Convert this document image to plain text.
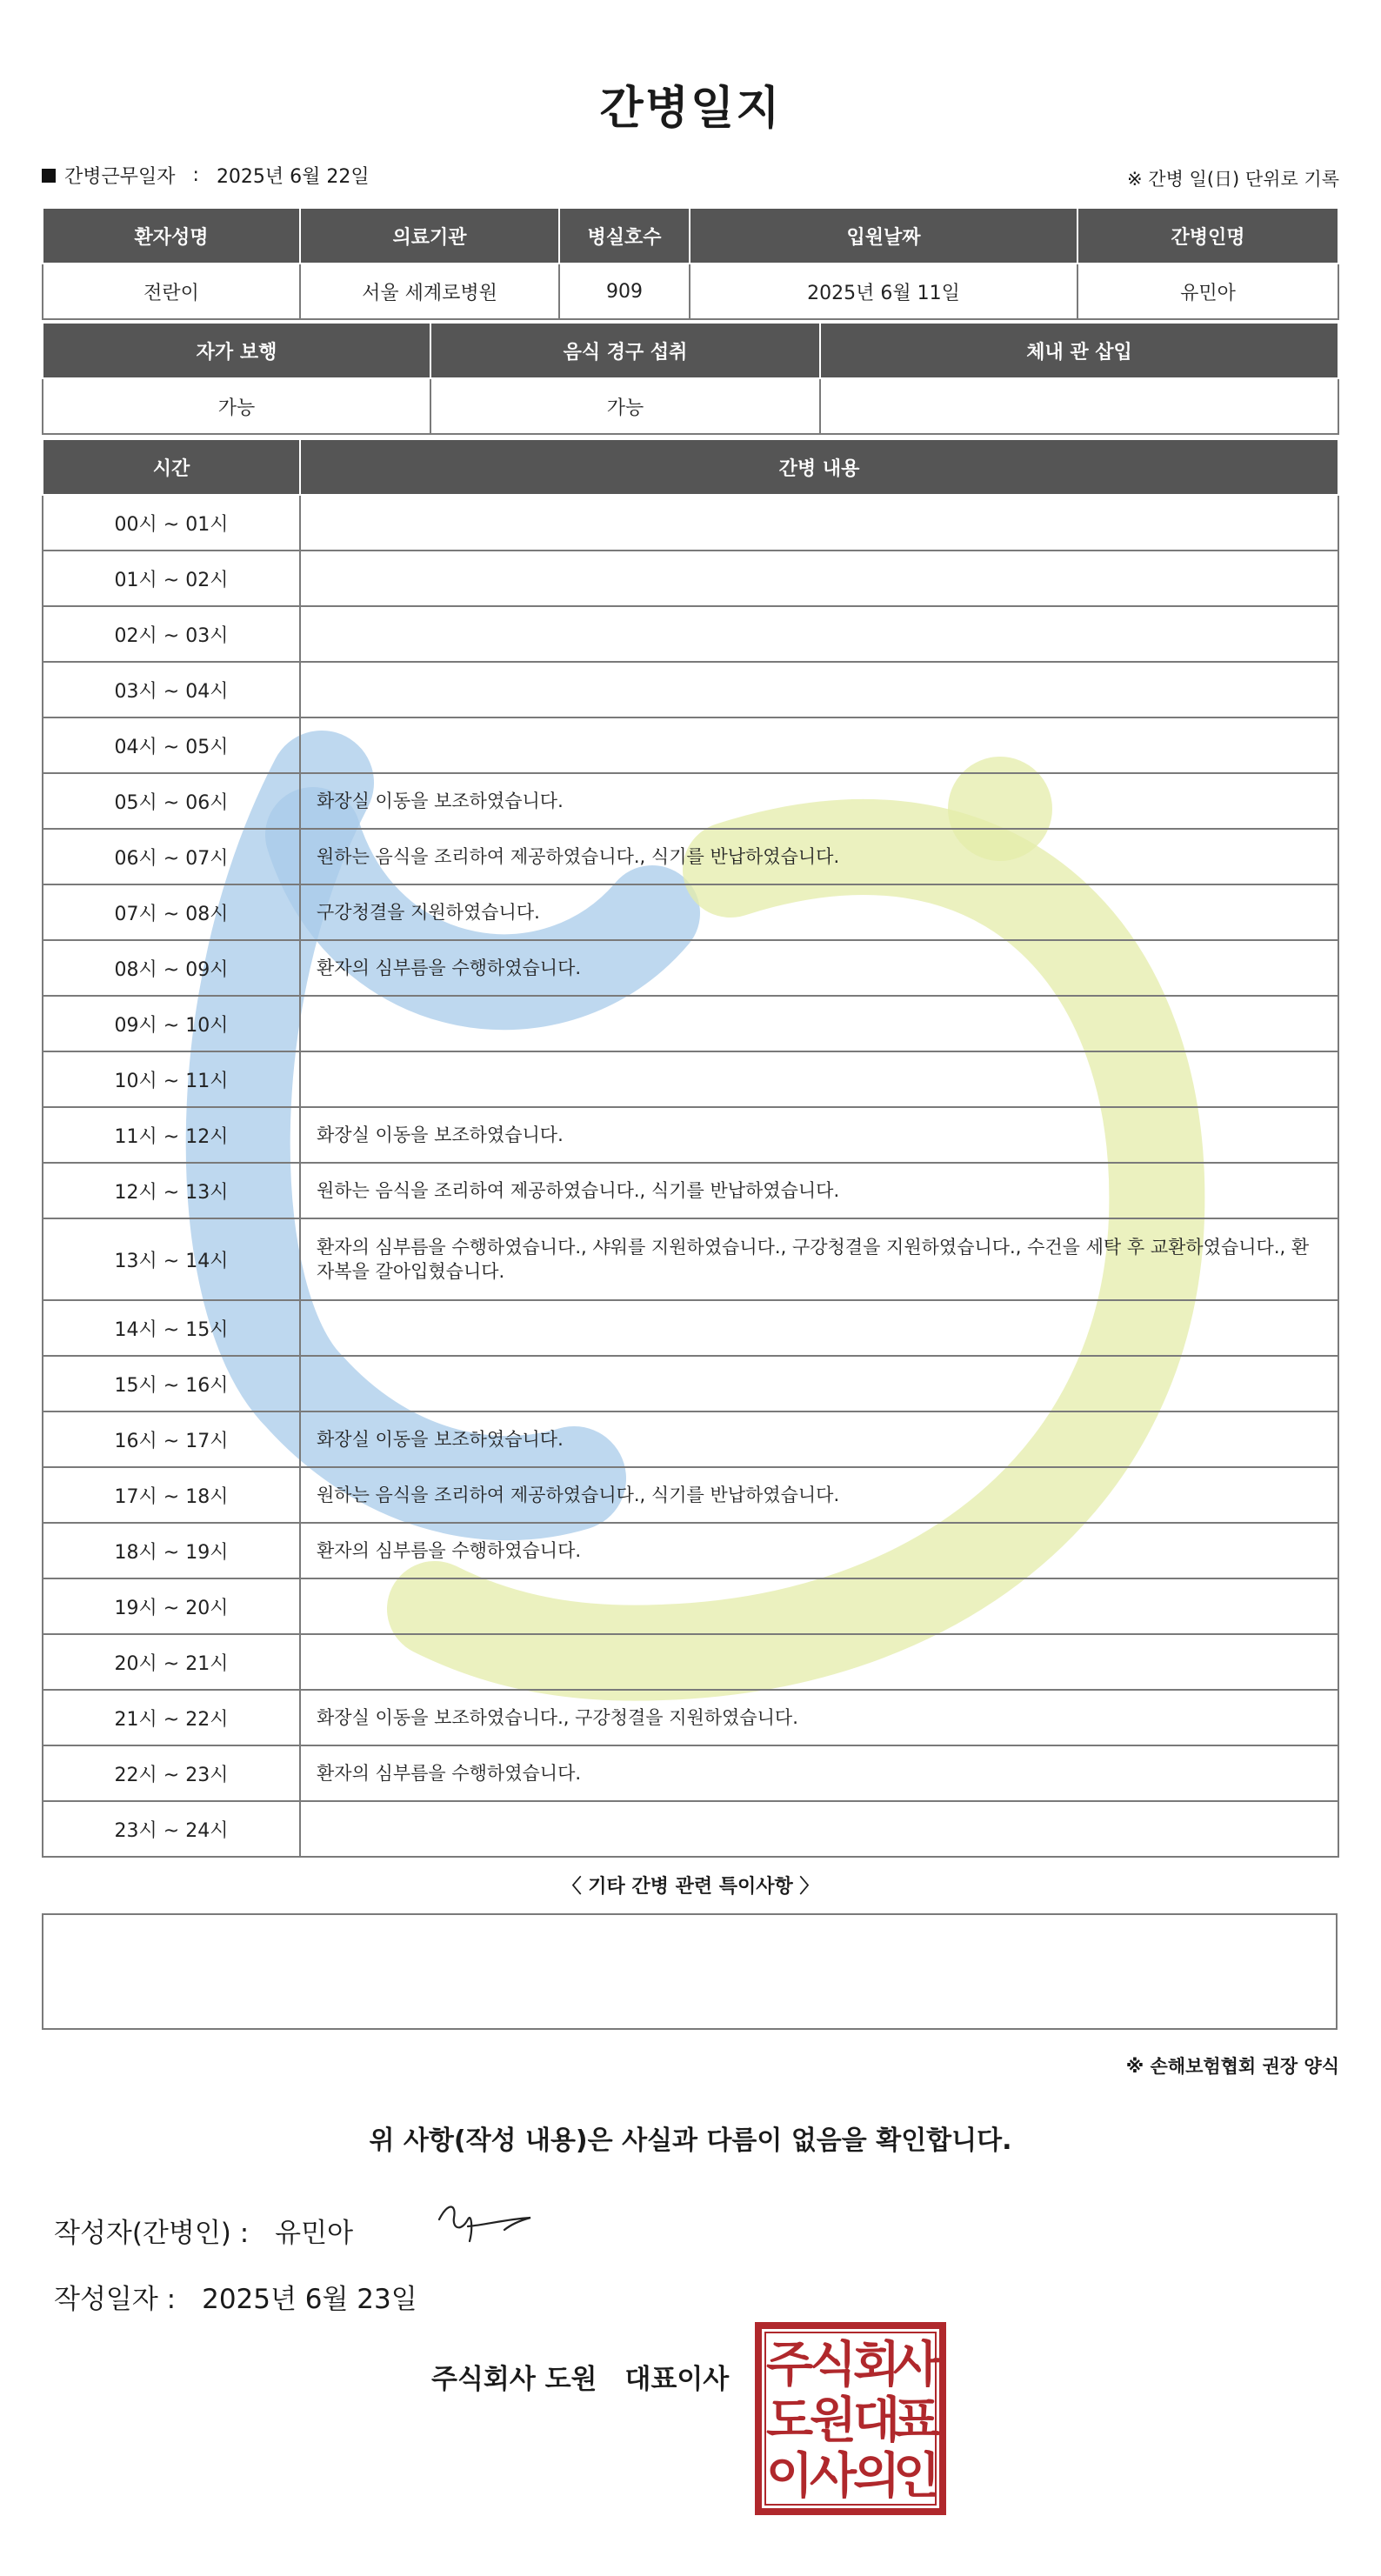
간병일지
간병근무일자 : 2025년 6월 22일	※ 간병 일(日) 단위로 기록
환자성명	의료기관	병실호수	입원날짜	간병인명
전란이	서울 세계로병원	909	2025년 6월 11일	유민아
자가 보행	음식 경구 섭취	체내 관 삽입
가능	가능	
시간	간병 내용
00시 ~ 01시	
01시 ~ 02시	
02시 ~ 03시	
03시 ~ 04시	
04시 ~ 05시	
05시 ~ 06시	화장실 이동을 보조하였습니다.
06시 ~ 07시	원하는 음식을 조리하여 제공하였습니다., 식기를 반납하였습니다.
07시 ~ 08시	구강청결을 지원하였습니다.
08시 ~ 09시	환자의 심부름을 수행하였습니다.
09시 ~ 10시	
10시 ~ 11시	
11시 ~ 12시	화장실 이동을 보조하였습니다.
12시 ~ 13시	원하는 음식을 조리하여 제공하였습니다., 식기를 반납하였습니다.
13시 ~ 14시	환자의 심부름을 수행하였습니다., 샤워를 지원하였습니다., 구강청결을 지원하였습니다., 수건을 세탁 후 교환하였습니다., 환자복을 갈아입혔습니다.
14시 ~ 15시	
15시 ~ 16시	
16시 ~ 17시	화장실 이동을 보조하였습니다.
17시 ~ 18시	원하는 음식을 조리하여 제공하였습니다., 식기를 반납하였습니다.
18시 ~ 19시	환자의 심부름을 수행하였습니다.
19시 ~ 20시	
20시 ~ 21시	
21시 ~ 22시	화장실 이동을 보조하였습니다., 구강청결을 지원하였습니다.
22시 ~ 23시	환자의 심부름을 수행하였습니다.
23시 ~ 24시	
〈 기타 간병 관련 특이사항 〉
※ 손해보험협회 권장 양식
위 사항(작성 내용)은 사실과 다름이 없음을 확인합니다.
작성자(간병인) : 유민아
작성일자 : 2025년 6월 23일
주식회사 도원 대표이사 주
식
회
사
도
원
대
표
이
사
의
인
